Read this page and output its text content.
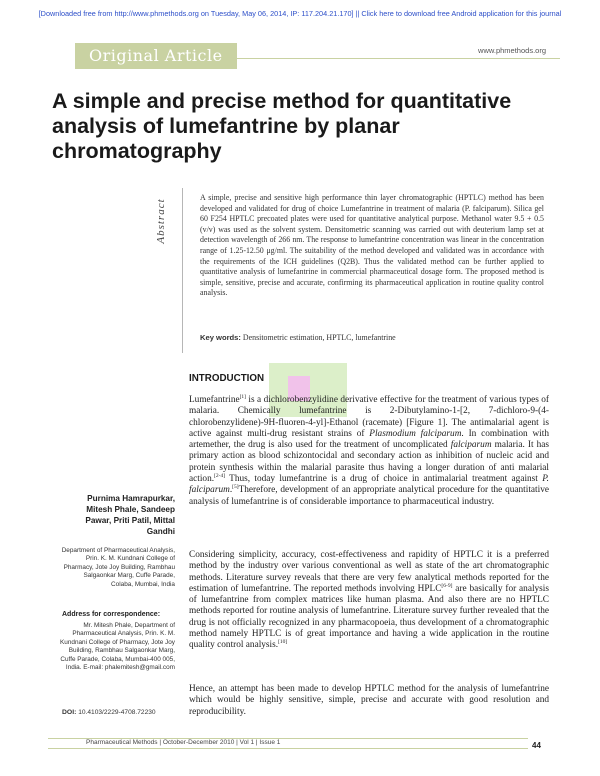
[Downloaded free from http://www.phmethods.org on Tuesday, May 06, 2014, IP: 117.204.21.170] || Click here to download free Android application for this journal
Original Article	www.phmethods.org
A simple and precise method for quantitative analysis of lumefantrine by planar chromatography
Abstract

A simple, precise and sensitive high performance thin layer chromatographic (HPTLC) method has been developed and validated for drug of choice Lumefantrine in treatment of malaria (P. falciparum). Silica gel 60 F254 HPTLC precoated plates were used for quantitative analytical purpose. Methanol water 9.5 + 0.5 (v/v) was used as the solvent system. Densitometric scanning was carried out with deuterium lamp set at detection wavelength of 266 nm. The response to lumefantrine concentration was linear in the concentration range of 1.25-12.50 μg/ml. The suitability of the method developed and validated was in accordance with the requirements of the ICH guidelines (Q2B). Thus the validated method can be further applied to quantitative analysis of lumefantrine in commercial pharmaceutical dosage form. The proposed method is simple, sensitive, precise and accurate, confirming its pharmaceutical application in routine quality control analysis.

Key words: Densitometric estimation, HPTLC, lumefantrine
INTRODUCTION

Lumefantrine[1] is a dichlorobenzylidine derivative effective for the treatment of various types of malaria. Chemically lumefantrine is 2-Dibutylamino-1-[2, 7-dichloro-9-(4-chlorobenzylidene)-9H-fluoren-4-yl]-Ethanol (racemate) [Figure 1]. The antimalarial agent is active against multi-drug resistant strains of Plasmodium falciparum. In combination with artemether, the drug is also used for the treatment of uncomplicated falciparum malaria. It has primary action as blood schizontocidal and secondary action as inhibition of nucleic acid and protein synthesis within the malarial parasite thus having a longer duration of anti malarial action.[2-4] Thus, today lumefantrine is a drug of choice in antimalarial treatment against P. falciparum.[5]Therefore, development of an appropriate analytical procedure for the quantitative analysis of lumefantrine is of considerable importance to pharmaceutical industry.

Considering simplicity, accuracy, cost-effectiveness and rapidity of HPTLC it is a preferred method by the industry over various conventional as well as state of the art chromatographic methods. Literature survey reveals that there are very few analytical methods reported for the estimation of lumefantrine. The reported methods involving HPLC[6-9] are basically for analysis of lumefantrine from complex matrices like human plasma. And also there are no HPTLC methods reported for routine analysis of lumefantrine. Literature survey further revealed that the drug is not officially recognized in any pharmacopoeia, thus development of a chromatographic method namely HPTLC is of great importance and having a wide application in the routine quality control analysis.[10]

Hence, an attempt has been made to develop HPTLC method for the analysis of lumefantrine which would be highly sensitive, simple, precise and accurate with good resolution and reproducibility.

Purnima Hamrapurkar, Mitesh Phale, Sandeep Pawar, Priti Patil, Mittal Gandhi

Department of Pharmaceutical Analysis, Prin. K. M. Kundnani College of Pharmacy, Jote Joy Building, Rambhau Salgaonkar Marg, Cuffe Parade, Colaba, Mumbai, India

Address for correspondence:

Mr. Mitesh Phale, Department of Pharmaceutical Analysis, Prin. K. M. Kundnani College of Pharmacy, Jote Joy Building, Rambhau Salgaonkar Marg, Cuffe Parade, Colaba, Mumbai-400 005, India. E-mail: phalemitesh@gmail.com

DOI: 10.4103/2229-4708.72230
Pharmaceutical Methods | October-December 2010 | Vol 1 | Issue 1	44
